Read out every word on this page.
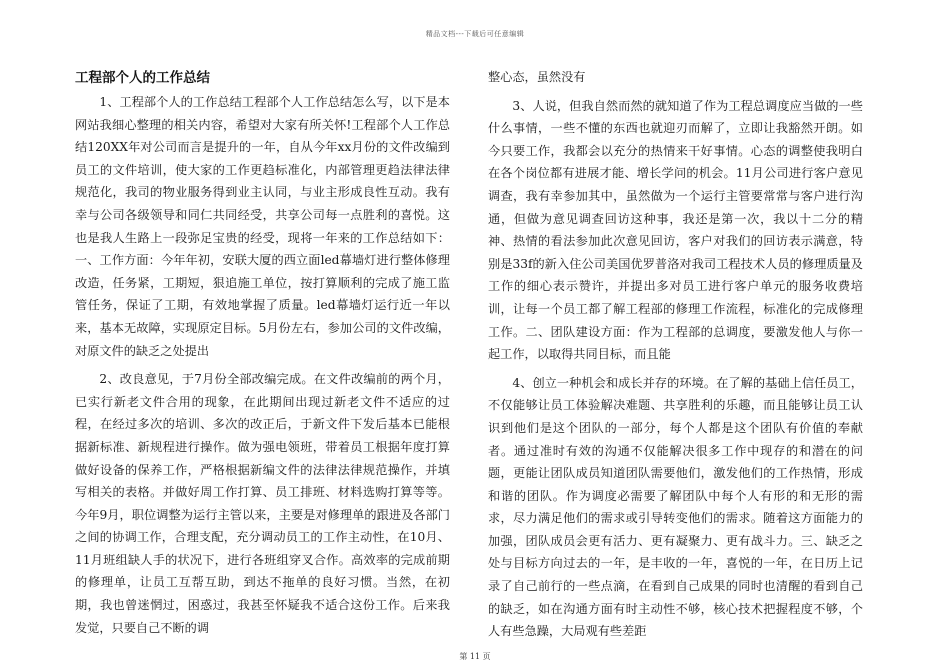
精品文档---下载后可任意编辑
工程部个人的工作总结

1、工程部个人的工作总结工程部个人工作总结怎么写，以下是本网站我细心整理的相关内容，希望对大家有所关怀!工程部个人工作总结120XX年对公司而言是提升的一年，自从今年xx月份的文件改编到员工的文件培训，使大家的工作更趋标准化，内部管理更趋法律法律规范化，我司的物业服务得到业主认同，与业主形成良性互动。我有幸与公司各级领导和同仁共同经受，共享公司每一点胜利的喜悦。这也是我人生路上一段弥足宝贵的经受，现将一年来的工作总结如下：一、工作方面：今年年初，安联大厦的西立面led幕墙灯进行整体修理改造，任务紧，工期短，狠追施工单位，按打算顺利的完成了施工监管任务，保证了工期，有效地掌握了质量。led幕墙灯运行近一年以来，基本无故障，实现原定目标。5月份左右，参加公司的文件改编，对原文件的缺乏之处提出

2、改良意见，于7月份全部改编完成。在文件改编前的两个月，已实行新老文件合用的现象，在此期间出现过新老文件不适应的过程，在经过多次的培训、多次的改正后，于新文件下发后基本已能根据新标准、新规程进行操作。做为强电领班，带着员工根据年度打算做好设备的保养工作，严格根据新编文件的法律法律规范操作，并填写相关的表格。并做好周工作打算、员工排班、材料选购打算等等。今年9月，职位调整为运行主管以来，主要是对修理单的跟进及各部门之间的协调工作，合理支配，充分调动员工的工作主动性，在10月、11月班组缺人手的状况下，进行各班组穿叉合作。高效率的完成前期的修理单，让员工互帮互助，到达不拖单的良好习惯。当然，在初期，我也曾迷惘过，困惑过，我甚至怀疑我不适合这份工作。后来我发觉，只要自己不断的调

整心态，虽然没有

3、人说，但我自然而然的就知道了作为工程总调度应当做的一些什么事情，一些不懂的东西也就迎刃而解了，立即让我豁然开朗。如今只要工作，我都会以充分的热情来干好事情。心态的调整使我明白在各个岗位都有进展才能、增长学问的机会。11月公司进行客户意见调查，我有幸参加其中，虽然做为一个运行主管要常常与客户进行沟通，但做为意见调查回访这种事，我还是第一次，我以十二分的精神、热情的看法参加此次意见回访，客户对我们的回访表示满意，特别是33f的新入住公司美国优罗普洛对我司工程技术人员的修理质量及工作的细心表示赞许，并提出多对员工进行客户单元的服务收费培训，让每一个员工都了解工程部的修理工作流程，标准化的完成修理工作。二、团队建设方面：作为工程部的总调度，要激发他人与你一起工作，以取得共同目标，而且能

4、创立一种机会和成长并存的环境。在了解的基础上信任员工，不仅能够让员工体验解决难题、共享胜利的乐趣，而且能够让员工认识到他们是这个团队的一部分，每个人都是这个团队有价值的奉献者。通过准时有效的沟通不仅能解决很多工作中现存的和潜在的问题，更能让团队成员知道团队需要他们，激发他们的工作热情，形成和谐的团队。作为调度必需要了解团队中每个人有形的和无形的需求，尽力满足他们的需求或引导转变他们的需求。随着这方面能力的加强，团队成员会更有活力、更有凝聚力、更有战斗力。三、缺乏之处与目标方向过去的一年，是丰收的一年，喜悦的一年，在日历上记录了自己前行的一些点滴，在看到自己成果的同时也清醒的看到自己的缺乏，如在沟通方面有时主动性不够，核心技术把握程度不够，个人有些急躁，大局观有些差距

第 11 页
